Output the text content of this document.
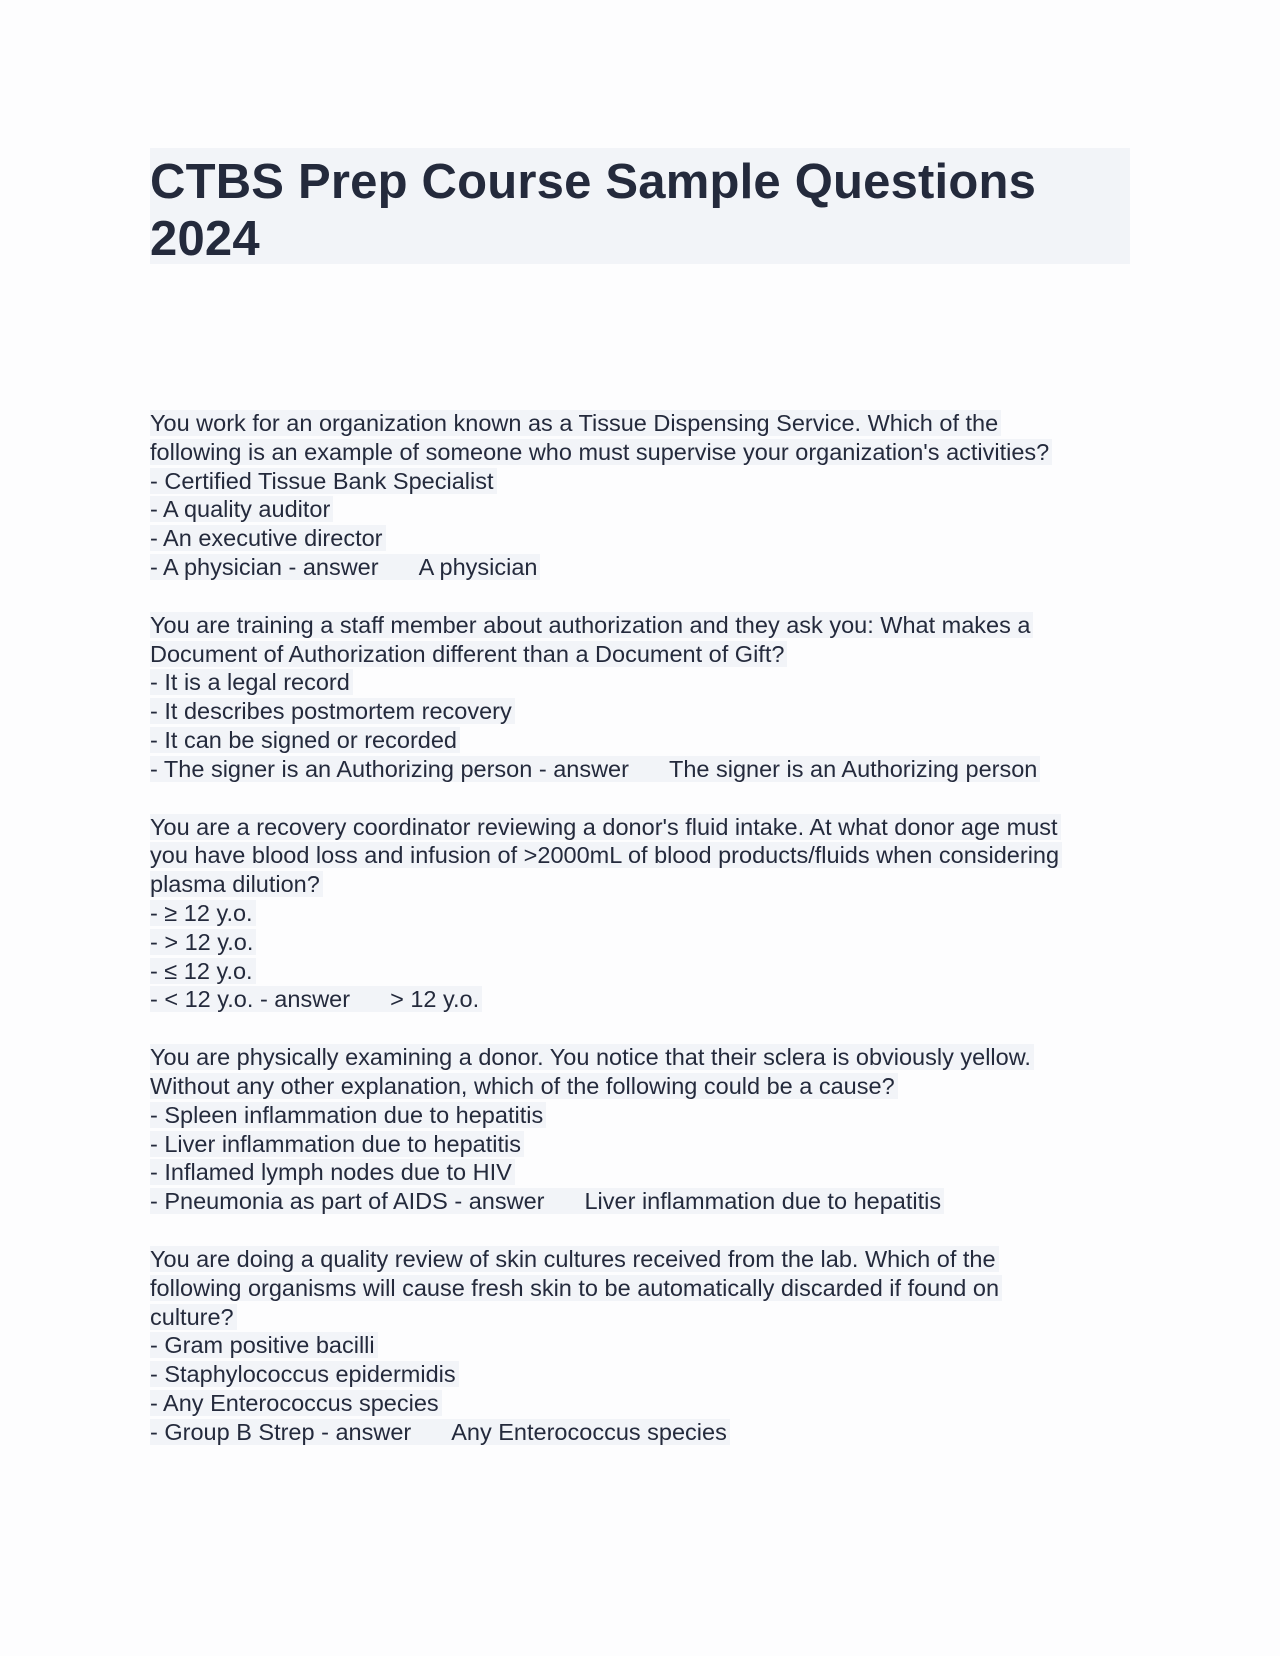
CTBS Prep Course Sample Questions
2024
You work for an organization known as a Tissue Dispensing Service. Which of the
following is an example of someone who must supervise your organization's activities?
- Certified Tissue Bank Specialist
- A quality auditor
- An executive director
- A physician - answer A physician
You are training a staff member about authorization and they ask you: What makes a
Document of Authorization different than a Document of Gift?
- It is a legal record
- It describes postmortem recovery
- It can be signed or recorded
- The signer is an Authorizing person - answer The signer is an Authorizing person
You are a recovery coordinator reviewing a donor's fluid intake. At what donor age must
you have blood loss and infusion of >2000mL of blood products/fluids when considering
plasma dilution?
- ≥ 12 y.o.
- > 12 y.o.
- ≤ 12 y.o.
- < 12 y.o. - answer > 12 y.o.
You are physically examining a donor. You notice that their sclera is obviously yellow.
Without any other explanation, which of the following could be a cause?
- Spleen inflammation due to hepatitis
- Liver inflammation due to hepatitis
- Inflamed lymph nodes due to HIV
- Pneumonia as part of AIDS - answer Liver inflammation due to hepatitis
You are doing a quality review of skin cultures received from the lab. Which of the
following organisms will cause fresh skin to be automatically discarded if found on
culture?
- Gram positive bacilli
- Staphylococcus epidermidis
- Any Enterococcus species
- Group B Strep - answer Any Enterococcus species
